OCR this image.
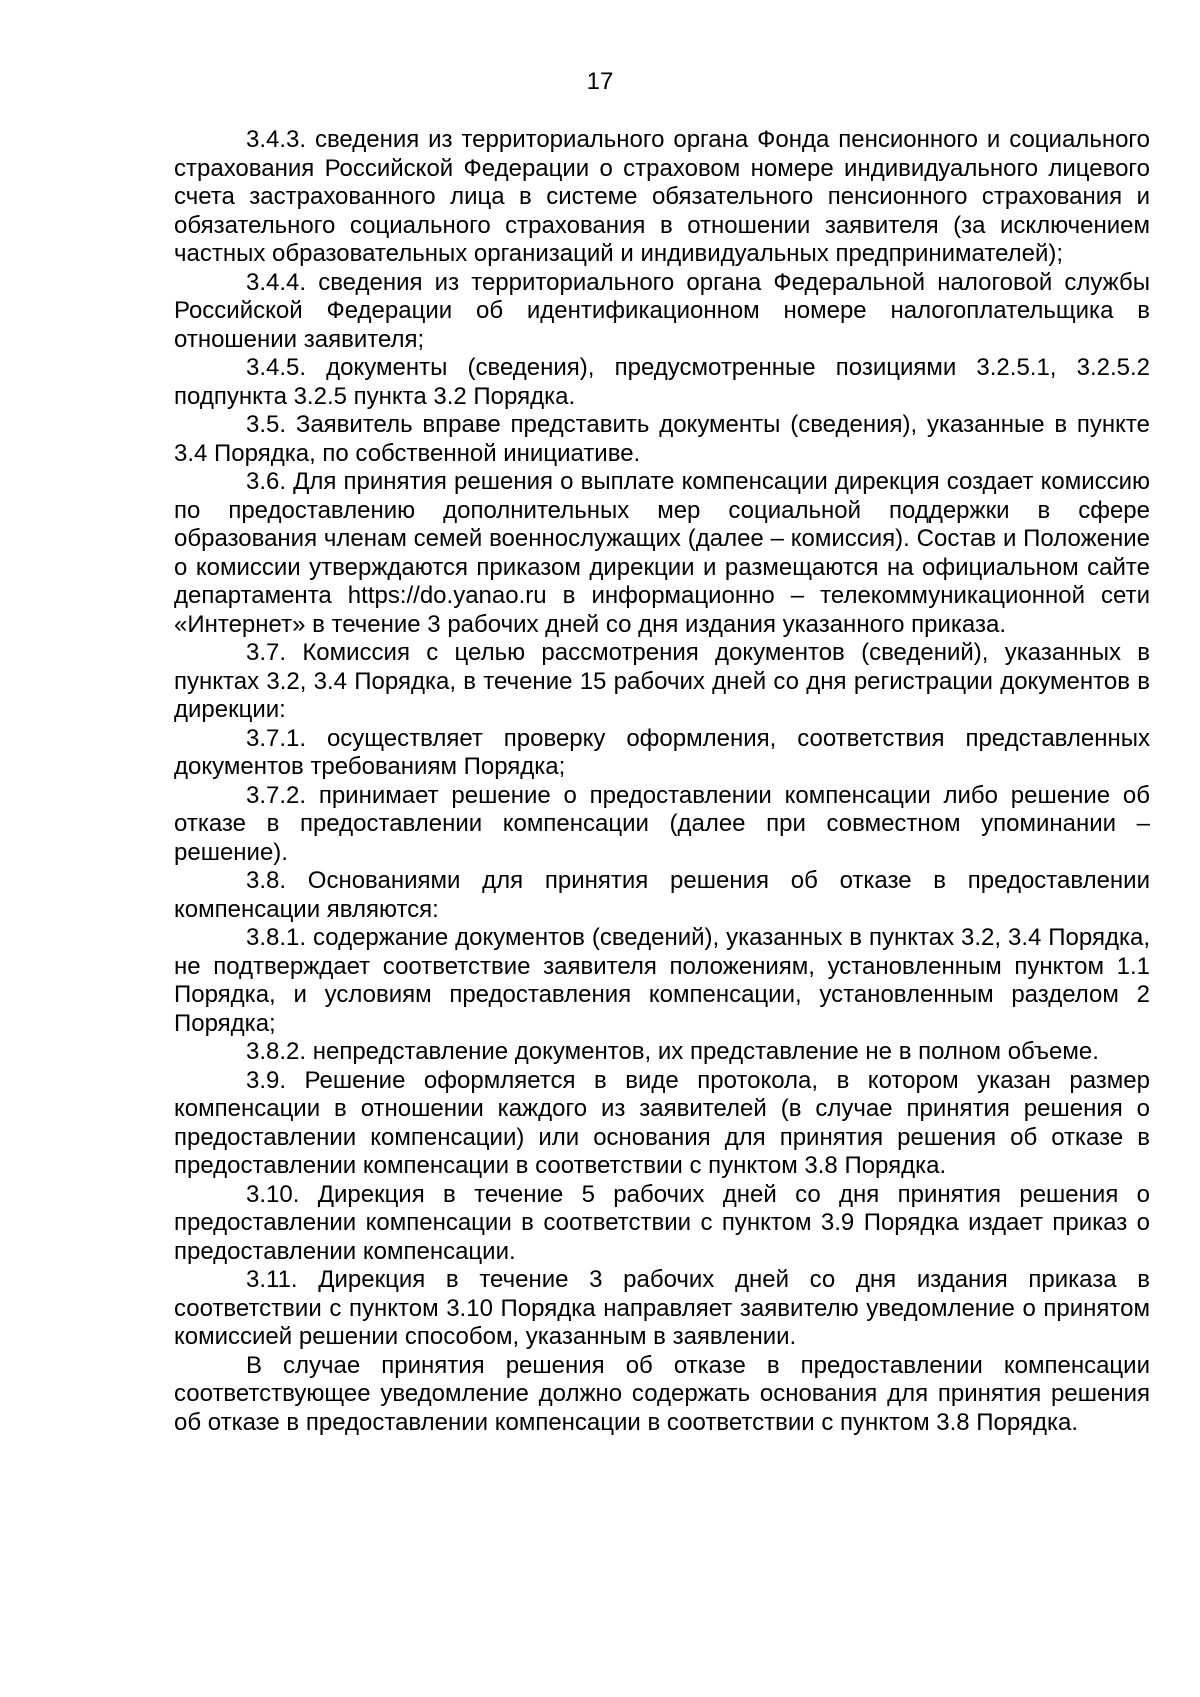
17

3.4.3. сведения из территориального органа Фонда пенсионного и социального страхования Российской Федерации о страховом номере индивидуального лицевого счета застрахованного лица в системе обязательного пенсионного страхования и обязательного социального страхования в отношении заявителя (за исключением частных образовательных организаций и индивидуальных предпринимателей);

3.4.4. сведения из территориального органа Федеральной налоговой службы Российской Федерации об идентификационном номере налогоплательщика в отношении заявителя;

3.4.5. документы (сведения), предусмотренные позициями 3.2.5.1, 3.2.5.2 подпункта 3.2.5 пункта 3.2 Порядка.

3.5. Заявитель вправе представить документы (сведения), указанные в пункте 3.4 Порядка, по собственной инициативе.

3.6. Для принятия решения о выплате компенсации дирекция создает комиссию по предоставлению дополнительных мер социальной поддержки в сфере образования членам семей военнослужащих (далее – комиссия). Состав и Положение о комиссии утверждаются приказом дирекции и размещаются на официальном сайте департамента https://do.yanao.ru в информационно – телекоммуникационной сети «Интернет» в течение 3 рабочих дней со дня издания указанного приказа.

3.7. Комиссия с целью рассмотрения документов (сведений), указанных в пунктах 3.2, 3.4 Порядка, в течение 15 рабочих дней со дня регистрации документов в дирекции:

3.7.1. осуществляет проверку оформления, соответствия представленных документов требованиям Порядка;

3.7.2. принимает решение о предоставлении компенсации либо решение об отказе в предоставлении компенсации (далее при совместном упоминании – решение).

3.8. Основаниями для принятия решения об отказе в предоставлении компенсации являются:

3.8.1. содержание документов (сведений), указанных в пунктах 3.2, 3.4 Порядка, не подтверждает соответствие заявителя положениям, установленным пунктом 1.1 Порядка, и условиям предоставления компенсации, установленным разделом 2 Порядка;

3.8.2. непредставление документов, их представление не в полном объеме.

3.9. Решение оформляется в виде протокола, в котором указан размер компенсации в отношении каждого из заявителей (в случае принятия решения о предоставлении компенсации) или основания для принятия решения об отказе в предоставлении компенсации в соответствии с пунктом 3.8 Порядка.

3.10. Дирекция в течение 5 рабочих дней со дня принятия решения о предоставлении компенсации в соответствии с пунктом 3.9 Порядка издает приказ о предоставлении компенсации.

3.11. Дирекция в течение 3 рабочих дней со дня издания приказа в соответствии с пунктом 3.10 Порядка направляет заявителю уведомление о принятом комиссией решении способом, указанным в заявлении.

В случае принятия решения об отказе в предоставлении компенсации соответствующее уведомление должно содержать основания для принятия решения об отказе в предоставлении компенсации в соответствии с пунктом 3.8 Порядка.
